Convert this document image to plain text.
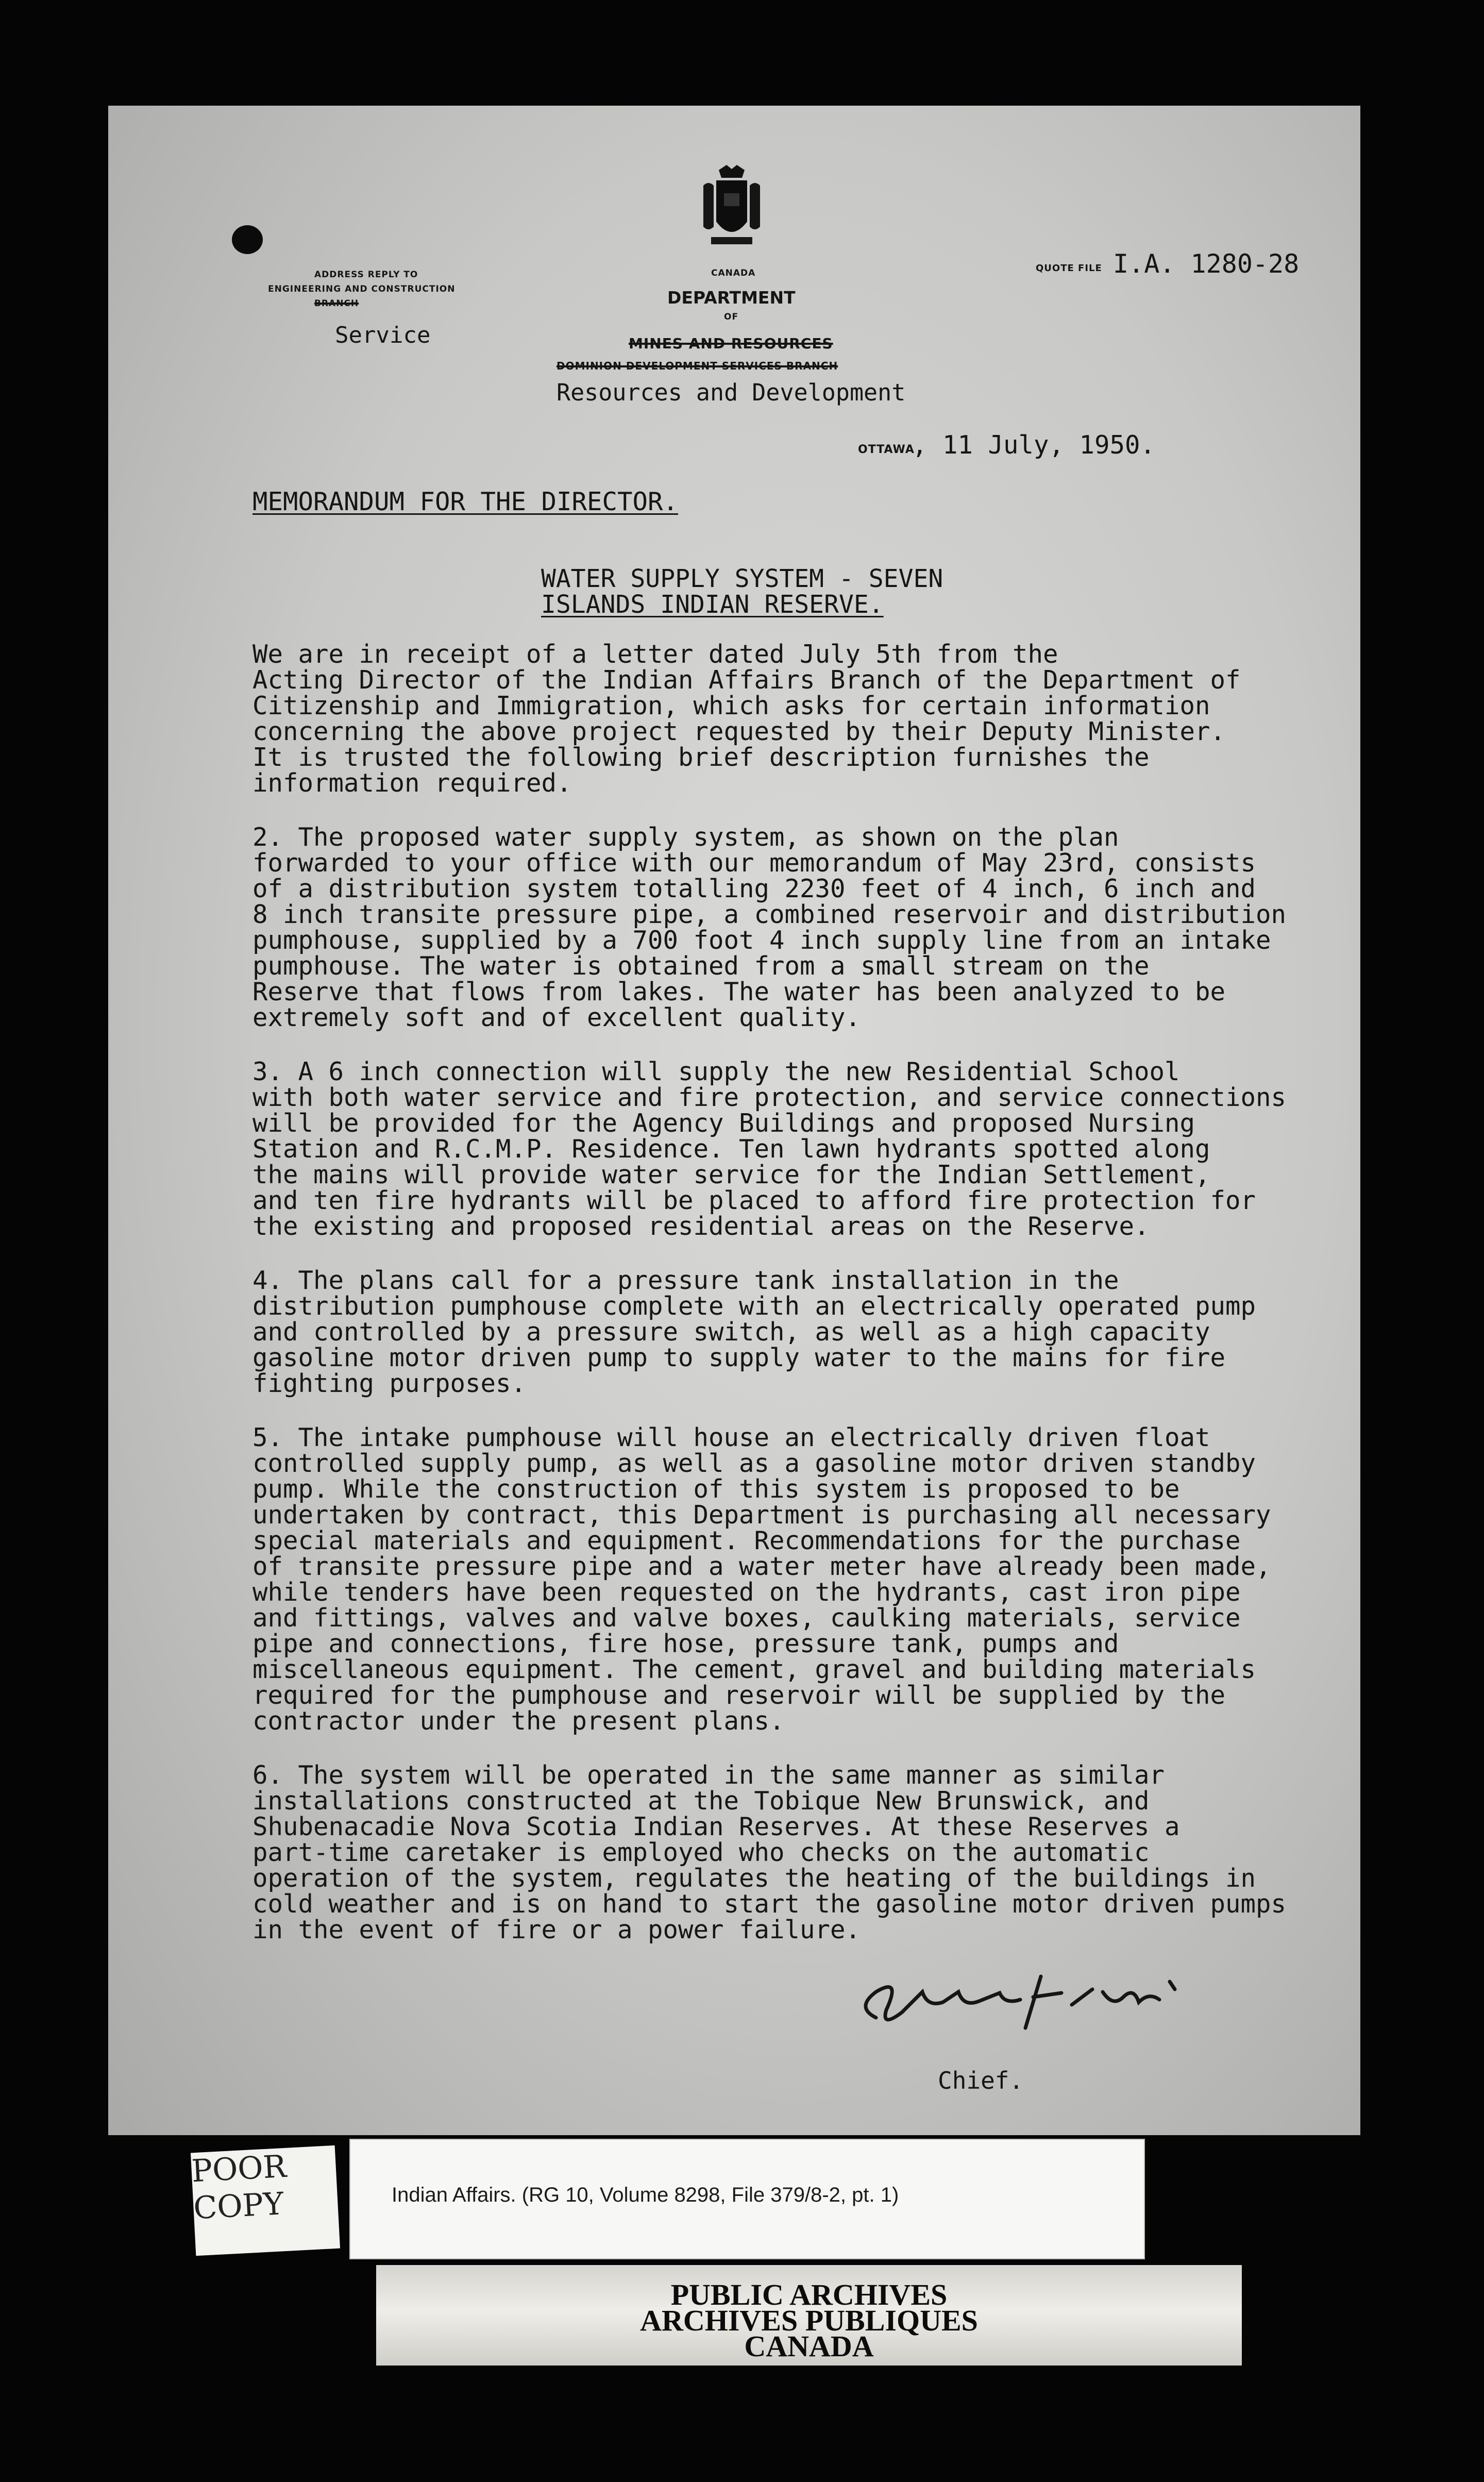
ADDRESS REPLY TO
ENGINEERING AND CONSTRUCTION
BRANCH
Service
CANADA
DEPARTMENT
OF
MINES AND RESOURCES
DOMINION DEVELOPMENT SERVICES BRANCH
Resources and Development
QUOTE FILE I.A. 1280-28
OTTAWA
, 11 July, 1950.
MEMORANDUM FOR THE DIRECTOR.
WATER SUPPLY SYSTEM - SEVEN
ISLANDS INDIAN RESERVE.
We are in receipt of a letter dated July 5th from the
Acting Director of the Indian Affairs Branch of the Department of
Citizenship and Immigration, which asks for certain information
concerning the above project requested by their Deputy Minister.
It is trusted the following brief description furnishes the
information required.
2. The proposed water supply system, as shown on the plan
forwarded to your office with our memorandum of May 23rd, consists
of a distribution system totalling 2230 feet of 4 inch, 6 inch and
8 inch transite pressure pipe, a combined reservoir and distribution
pumphouse, supplied by a 700 foot 4 inch supply line from an intake
pumphouse. The water is obtained from a small stream on the
Reserve that flows from lakes. The water has been analyzed to be
extremely soft and of excellent quality.
3. A 6 inch connection will supply the new Residential School
with both water service and fire protection, and service connections
will be provided for the Agency Buildings and proposed Nursing
Station and R.C.M.P. Residence. Ten lawn hydrants spotted along
the mains will provide water service for the Indian Settlement,
and ten fire hydrants will be placed to afford fire protection for
the existing and proposed residential areas on the Reserve.
4. The plans call for a pressure tank installation in the
distribution pumphouse complete with an electrically operated pump
and controlled by a pressure switch, as well as a high capacity
gasoline motor driven pump to supply water to the mains for fire
fighting purposes.
5. The intake pumphouse will house an electrically driven float
controlled supply pump, as well as a gasoline motor driven standby
pump. While the construction of this system is proposed to be
undertaken by contract, this Department is purchasing all necessary
special materials and equipment. Recommendations for the purchase
of transite pressure pipe and a water meter have already been made,
while tenders have been requested on the hydrants, cast iron pipe
and fittings, valves and valve boxes, caulking materials, service
pipe and connections, fire hose, pressure tank, pumps and
miscellaneous equipment. The cement, gravel and building materials
required for the pumphouse and reservoir will be supplied by the
contractor under the present plans.
6. The system will be operated in the same manner as similar
installations constructed at the Tobique New Brunswick, and
Shubenacadie Nova Scotia Indian Reserves. At these Reserves a
part-time caretaker is employed who checks on the automatic
operation of the system, regulates the heating of the buildings in
cold weather and is on hand to start the gasoline motor driven pumps
in the event of fire or a power failure.
Chief.
POOR
COPY	Indian Affairs. (RG 10, Volume 8298, File 379/8-2, pt. 1)
PUBLIC ARCHIVES
ARCHIVES PUBLIQUES
CANADA
